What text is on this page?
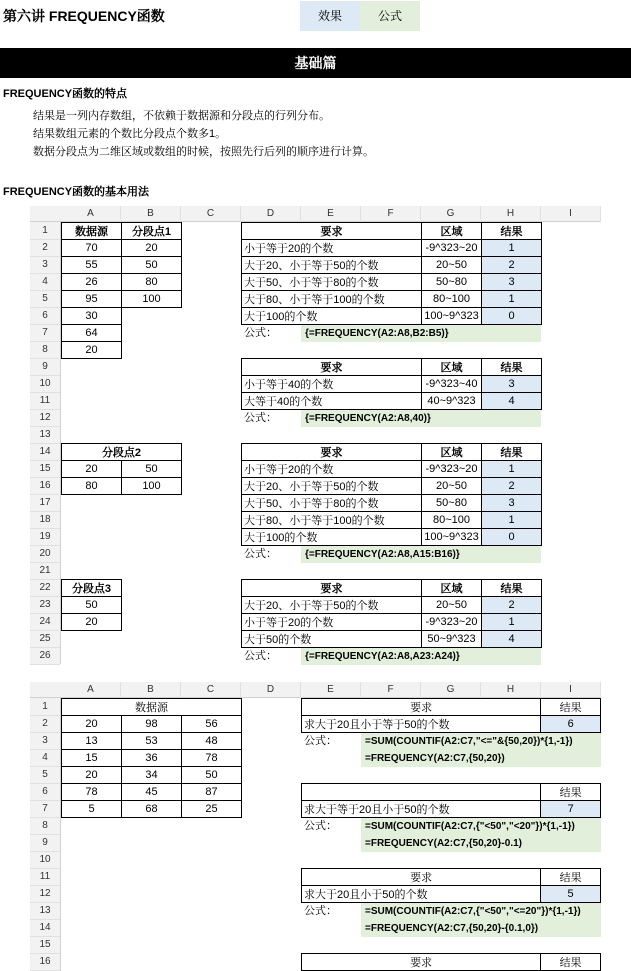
第六讲 FREQUENCY函数	效果	公式
基础篇
FREQUENCY函数的特点
结果是一列内存数组，不依赖于数据源和分段点的行列分布。
结果数组元素的个数比分段点个数多1。
数据分段点为二维区域或数组的时候，按照先行后列的顺序进行计算。
FREQUENCY函数的基本用法
A	B	C	D	E	F	G	H	I
1
2
3
4
5
6
7
8
9
10
11
12
13
14
15
16
17
18
19
20
21
22
23
24
25
26
数据源	分段点1
70	20
55	50
26	80
95	100
30	
64	
20	
要求	区域	结果
小于等于20的个数	-9^323~20	1
大于20、小于等于50的个数	20~50	2
大于50、小于等于80的个数	50~80	3
大于80、小于等于100的个数	80~100	1
大于100的个数	100~9^323	0
公式：	{=FREQUENCY(A2:A8,B2:B5)}
要求	区域	结果
小于等于40的个数	-9^323~40	3
大等于40的个数	40~9^323	4
公式：	{=FREQUENCY(A2:A8,40)}
分段点2	
20	50
80	100
要求	区域	结果
小于等于20的个数	-9^323~20	1
大于20、小于等于50的个数	20~50	2
大于50、小于等于80的个数	50~80	3
大于80、小于等于100的个数	80~100	1
大于100的个数	100~9^323	0
公式：	{=FREQUENCY(A2:A8,A15:B16)}
分段点3
50
20
要求	区域	结果
大于20、小于等于50的个数	20~50	2
小于等于20的个数	-9^323~20	1
大于50的个数	50~9^323	4
公式：	{=FREQUENCY(A2:A8,A23:A24)}
A	B	C	D	E	F	G	H	I
1
2
3
4
5
6
7
8
9
10
11
12
13
14
15
16
数据源		
20	98	56
13	53	48
15	36	78
20	34	50
78	45	87
5	68	25
要求	结果
求大于20且小于等于50的个数	6
公式：	=SUM(COUNTIF(A2:C7,"<="&{50,20})*{1,-1})
=FREQUENCY(A2:C7,{50,20})
	结果
求大于等于20且小于50的个数	7
公式：	=SUM(COUNTIF(A2:C7,{"<50","<20"})*{1,-1})
=FREQUENCY(A2:C7,{50,20}-0.1)
要求	结果
求大于20且小于50的个数	5
公式：	=SUM(COUNTIF(A2:C7,{"<50","<=20"})*{1,-1})
=FREQUENCY(A2:C7,{50,20}-{0.1,0})
要求	结果
